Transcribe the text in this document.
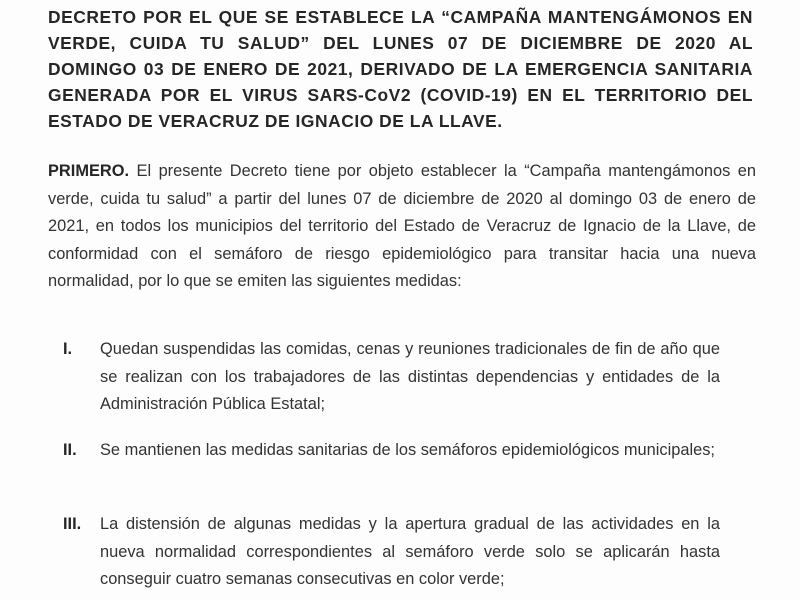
DECRETO POR EL QUE SE ESTABLECE LA “CAMPAÑA MANTENGÁMONOS EN VERDE, CUIDA TU SALUD” DEL LUNES 07 DE DICIEMBRE DE 2020 AL DOMINGO 03 DE ENERO DE 2021, DERIVADO DE LA EMERGENCIA SANITARIA GENERADA POR EL VIRUS SARS-CoV2 (COVID-19) EN EL TERRITORIO DEL ESTADO DE VERACRUZ DE IGNACIO DE LA LLAVE.
PRIMERO. El presente Decreto tiene por objeto establecer la “Campaña mantengámonos en verde, cuida tu salud” a partir del lunes 07 de diciembre de 2020 al domingo 03 de enero de 2021, en todos los municipios del territorio del Estado de Veracruz de Ignacio de la Llave, de conformidad con el semáforo de riesgo epidemiológico para transitar hacia una nueva normalidad, por lo que se emiten las siguientes medidas:
I. Quedan suspendidas las comidas, cenas y reuniones tradicionales de fin de año que se realizan con los trabajadores de las distintas dependencias y entidades de la Administración Pública Estatal;
II. Se mantienen las medidas sanitarias de los semáforos epidemiológicos municipales;
III. La distensión de algunas medidas y la apertura gradual de las actividades en la nueva normalidad correspondientes al semáforo verde solo se aplicarán hasta conseguir cuatro semanas consecutivas en color verde;
